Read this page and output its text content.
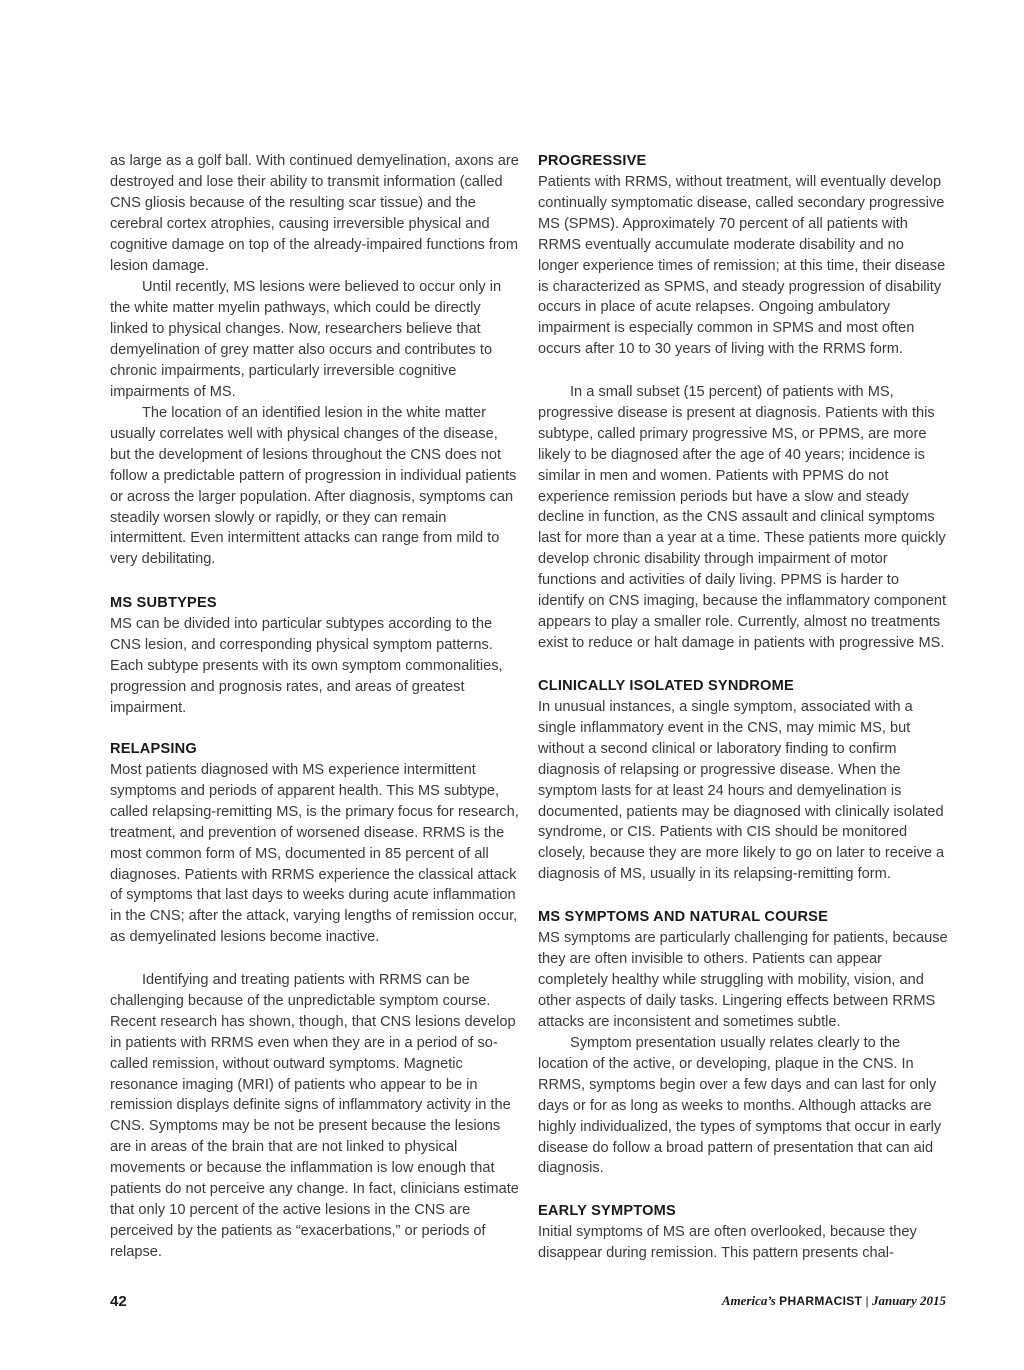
as large as a golf ball. With continued demyelination, axons are destroyed and lose their ability to transmit information (called CNS gliosis because of the resulting scar tissue) and the cerebral cortex atrophies, causing irreversible physical and cognitive damage on top of the already-impaired functions from lesion damage.

Until recently, MS lesions were believed to occur only in the white matter myelin pathways, which could be directly linked to physical changes. Now, researchers believe that demyelination of grey matter also occurs and contributes to chronic impairments, particularly irreversible cognitive impairments of MS.

The location of an identified lesion in the white matter usually correlates well with physical changes of the disease, but the development of lesions throughout the CNS does not follow a predictable pattern of progression in individual patients or across the larger population. After diagnosis, symptoms can steadily worsen slowly or rapidly, or they can remain intermittent. Even intermittent attacks can range from mild to very debilitating.

MS SUBTYPES

MS can be divided into particular subtypes according to the CNS lesion, and corresponding physical symptom patterns. Each subtype presents with its own symptom commonalities, progression and prognosis rates, and areas of greatest impairment.

RELAPSING

Most patients diagnosed with MS experience intermittent symptoms and periods of apparent health. This MS subtype, called relapsing-remitting MS, is the primary focus for research, treatment, and prevention of worsened disease. RRMS is the most common form of MS, documented in 85 percent of all diagnoses. Patients with RRMS experience the classical attack of symptoms that last days to weeks during acute inflammation in the CNS; after the attack, varying lengths of remission occur, as demyelinated lesions become inactive.

Identifying and treating patients with RRMS can be challenging because of the unpredictable symptom course. Recent research has shown, though, that CNS lesions develop in patients with RRMS even when they are in a period of so-called remission, without outward symptoms. Magnetic resonance imaging (MRI) of patients who appear to be in remission displays definite signs of inflammatory activity in the CNS. Symptoms may be not be present because the lesions are in areas of the brain that are not linked to physical movements or because the inflammation is low enough that patients do not perceive any change. In fact, clinicians estimate that only 10 percent of the active lesions in the CNS are perceived by the patients as “exacerbations,” or periods of relapse.

PROGRESSIVE

Patients with RRMS, without treatment, will eventually develop continually symptomatic disease, called secondary progressive MS (SPMS). Approximately 70 percent of all patients with RRMS eventually accumulate moderate disability and no longer experience times of remission; at this time, their disease is characterized as SPMS, and steady progression of disability occurs in place of acute relapses. Ongoing ambulatory impairment is especially common in SPMS and most often occurs after 10 to 30 years of living with the RRMS form.

In a small subset (15 percent) of patients with MS, progressive disease is present at diagnosis. Patients with this subtype, called primary progressive MS, or PPMS, are more likely to be diagnosed after the age of 40 years; incidence is similar in men and women. Patients with PPMS do not experience remission periods but have a slow and steady decline in function, as the CNS assault and clinical symptoms last for more than a year at a time. These patients more quickly develop chronic disability through impairment of motor functions and activities of daily living. PPMS is harder to identify on CNS imaging, because the inflammatory component appears to play a smaller role. Currently, almost no treatments exist to reduce or halt damage in patients with progressive MS.

CLINICALLY ISOLATED SYNDROME

In unusual instances, a single symptom, associated with a single inflammatory event in the CNS, may mimic MS, but without a second clinical or laboratory finding to confirm diagnosis of relapsing or progressive disease. When the symptom lasts for at least 24 hours and demyelination is documented, patients may be diagnosed with clinically isolated syndrome, or CIS. Patients with CIS should be monitored closely, because they are more likely to go on later to receive a diagnosis of MS, usually in its relapsing-remitting form.

MS SYMPTOMS AND NATURAL COURSE

MS symptoms are particularly challenging for patients, because they are often invisible to others. Patients can appear completely healthy while struggling with mobility, vision, and other aspects of daily tasks. Lingering effects between RRMS attacks are inconsistent and sometimes subtle.

Symptom presentation usually relates clearly to the location of the active, or developing, plaque in the CNS. In RRMS, symptoms begin over a few days and can last for only days or for as long as weeks to months. Although attacks are highly individualized, the types of symptoms that occur in early disease do follow a broad pattern of presentation that can aid diagnosis.

EARLY SYMPTOMS

Initial symptoms of MS are often overlooked, because they disappear during remission. This pattern presents chal-

42	America’s PHARMACIST | January 2015
